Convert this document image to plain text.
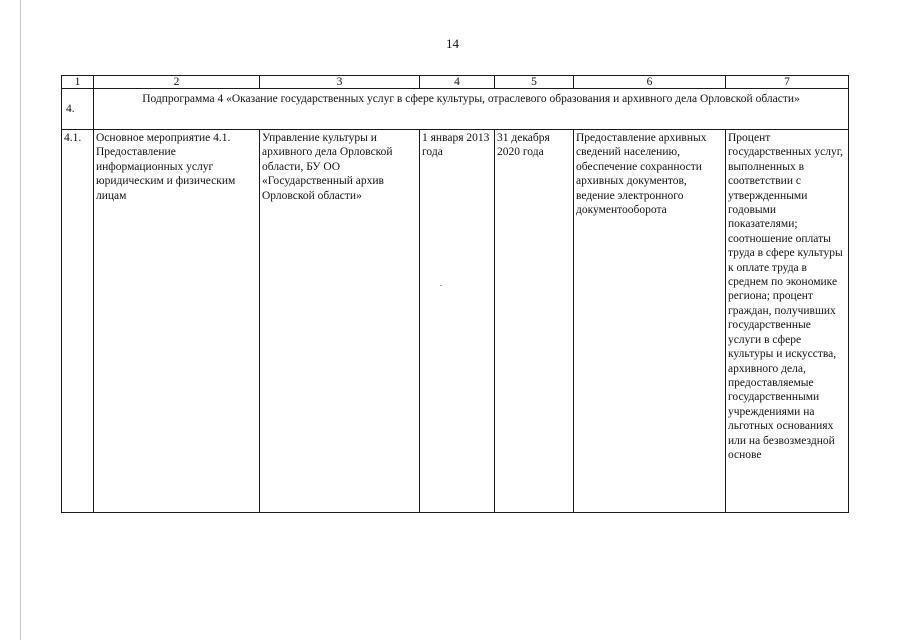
14
1	2	3	4	5	6	7
4.	Подпрограмма 4 «Оказание государственных услуг в сфере культуры, отраслевого образования и архивного дела Орловской области»					
4.1.	Основное мероприятие 4.1. Предоставление информационных услуг юридическим и физическим лицам	Управление культуры и архивного дела Орловской области, БУ ОО «Государственный архив Орловской области»	1 января 2013 года	31 декабря 2020 года	Предоставление архивных сведений населению, обеспечение сохранности архивных документов, ведение электронного документооборота	Процент государственных услуг, выполненных в соответствии с утвержденными годовыми показателями; соотношение оплаты труда в сфере культуры к оплате труда в среднем по экономике региона; процент граждан, получивших государственные услуги в сфере культуры и искусства, архивного дела, предоставляемые государственными учреждениями на льготных основаниях или на безвозмездной основе
